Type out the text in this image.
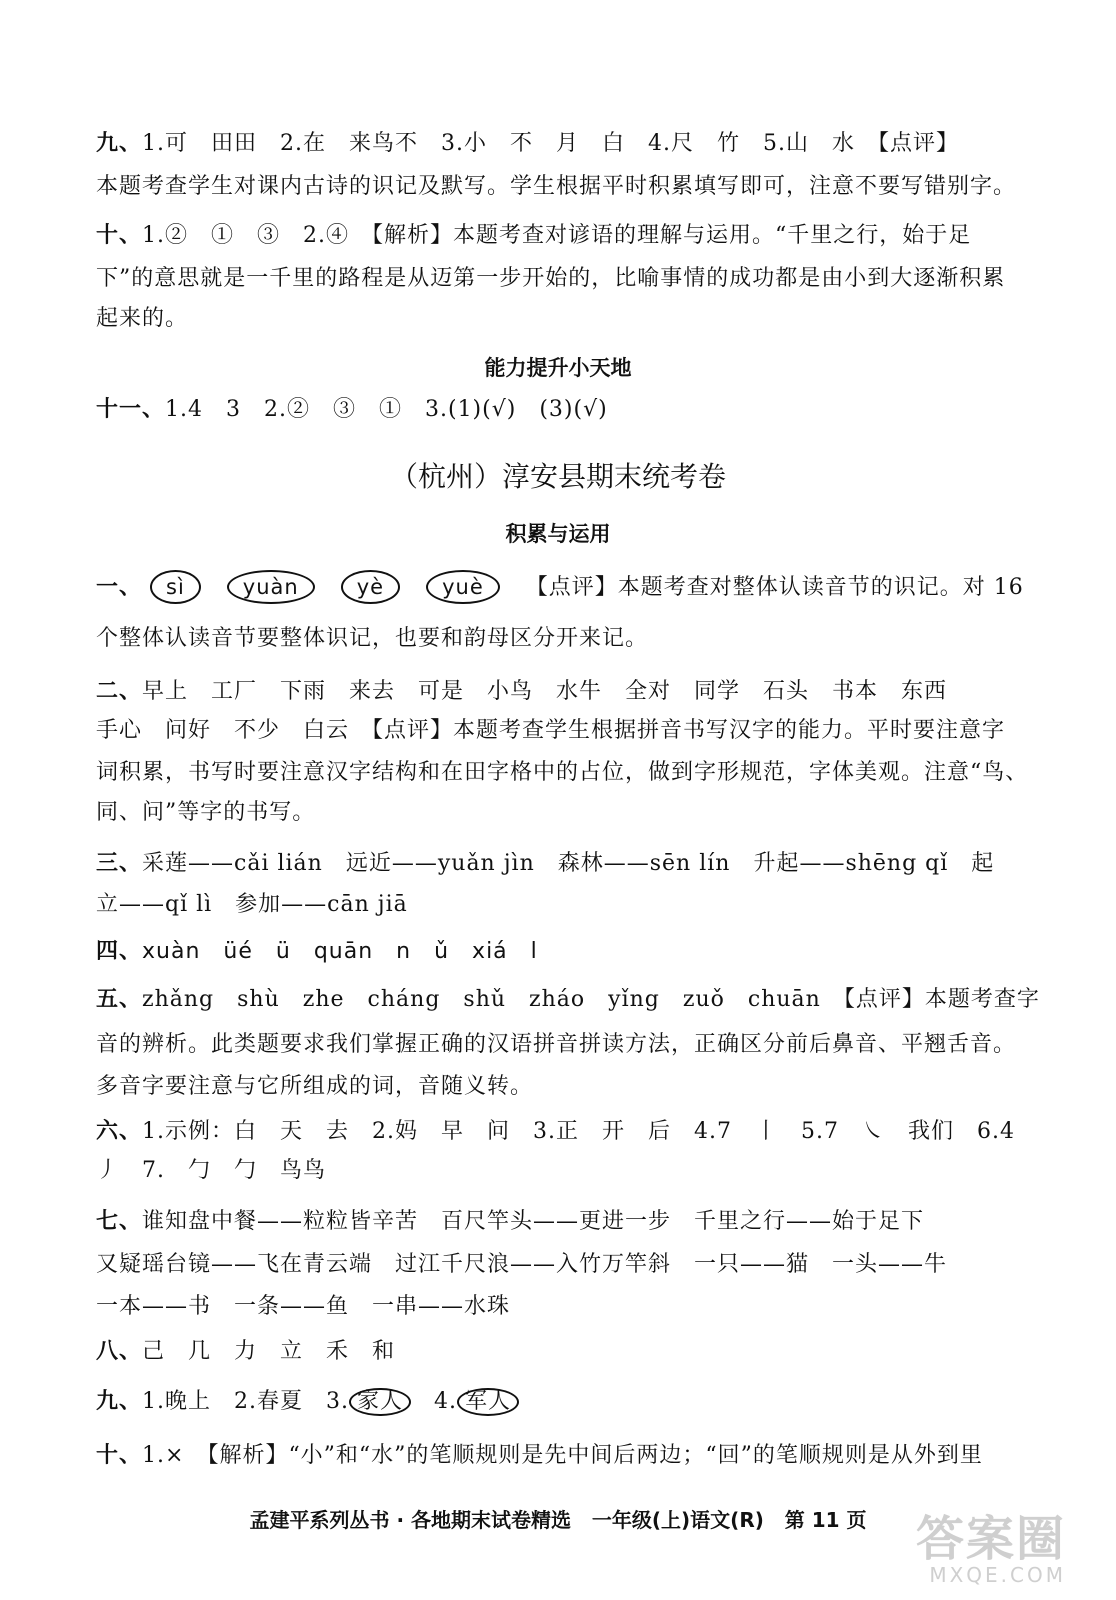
九、1.可　田田　2.在　来鸟不　3.小　不　月　白　4.尺　竹　5.山　水　【点评】
本题考查学生对课内古诗的识记及默写。学生根据平时积累填写即可，注意不要写错别字。
十、1.②　①　③　2.④　【解析】本题考查对谚语的理解与运用。“千里之行，始于足
下”的意思就是一千里的路程是从迈第一步开始的，比喻事情的成功都是由小到大逐渐积累
起来的。
能力提升小天地
十一、1.4　3　2.②　③　①　3.(1)(√)　(3)(√)
（杭州）淳安县期末统考卷
积累与运用
一、 sì	yuàn	yè	yuè 【点评】本题考查对整体认读音节的识记。对 16
个整体认读音节要整体识记，也要和韵母区分开来记。
二、早上　工厂　下雨　来去　可是　小鸟　水牛　全对　同学　石头　书本　东西
手心　问好　不少　白云　【点评】本题考查学生根据拼音书写汉字的能力。平时要注意字
词积累，书写时要注意汉字结构和在田字格中的占位，做到字形规范，字体美观。注意“鸟、
同、问”等字的书写。
三、采莲——cǎi lián　远近——yuǎn jìn　森林——sēn lín　升起——shēng qǐ　起
立——qǐ lì　参加——cān jiā
四、xuàn　üé　ü　quān　n　ǔ　xiá　l
五、zhǎng　shù　zhe　cháng　shǔ　zháo　yǐng　zuǒ　chuān　【点评】本题考查字
音的辨析。此类题要求我们掌握正确的汉语拼音拼读方法，正确区分前后鼻音、平翘舌音。
多音字要注意与它所组成的词，音随义转。
六、1.示例：白　天　去　2.妈　早　问　3.正　开　后　4.7　丨　5.7　㇏　我们　6.4
丿　7.　勹　勹　鸟鸟
七、谁知盘中餐——粒粒皆辛苦　百尺竿头——更进一步　千里之行——始于足下
又疑瑶台镜——飞在青云端　过江千尺浪——入竹万竿斜　一只——猫　一头——牛
一本——书　一条——鱼　一串——水珠
八、己　几　力　立　禾　和
九、1.晚上　2.春夏　3. 家人　4. 军人
十、1.×　【解析】“小”和“水”的笔顺规则是先中间后两边；“回”的笔顺规则是从外到里
孟建平系列丛书 · 各地期末试卷精选 一年级(上)语文(R) 第 11 页	答案圈
MXQE.COM
